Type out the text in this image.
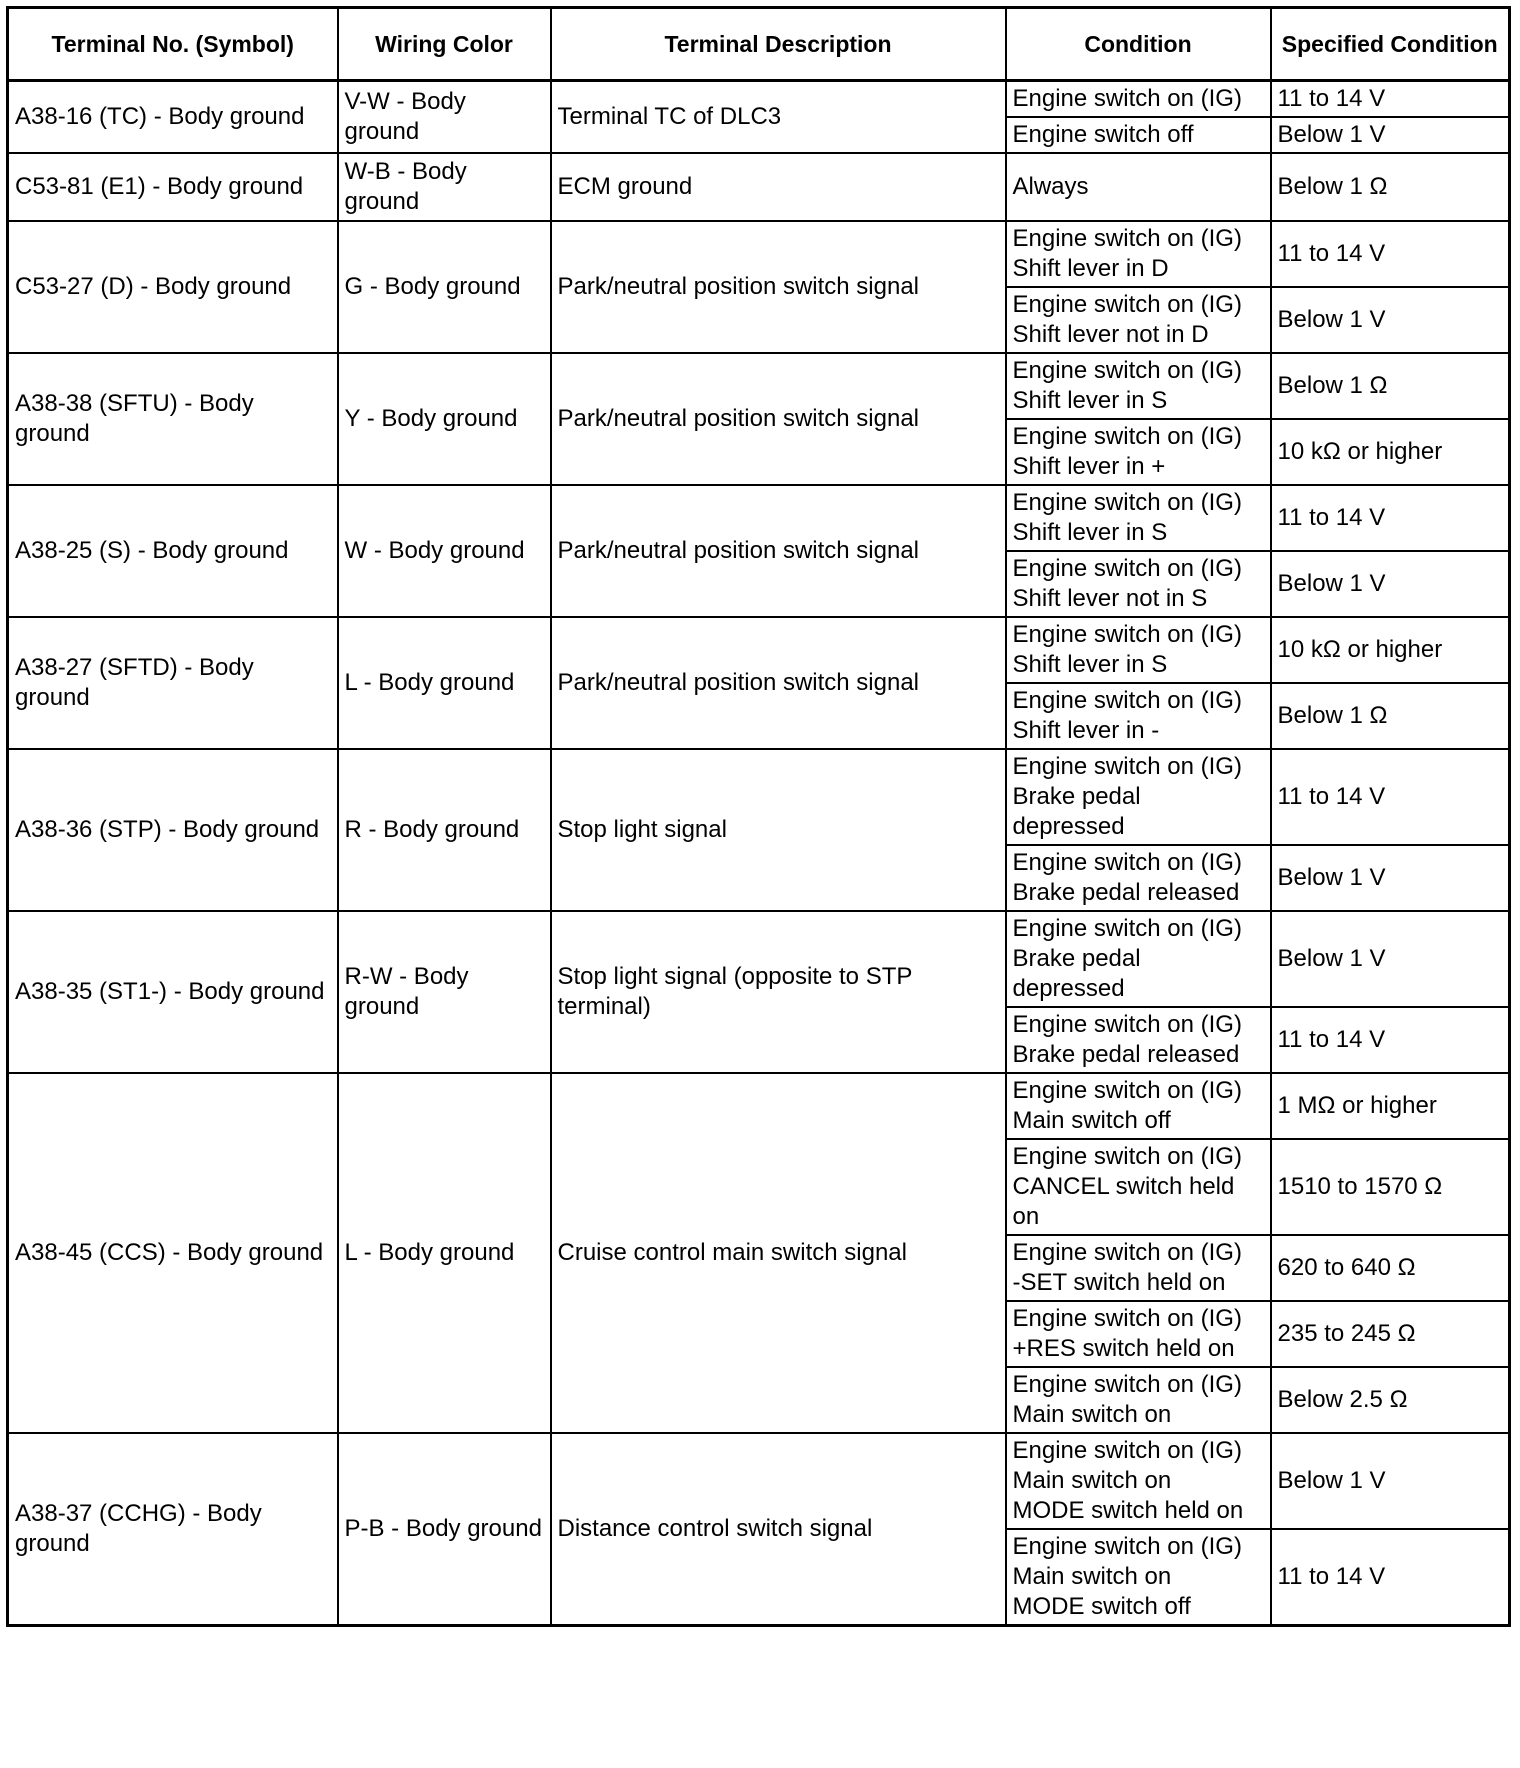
Terminal No. (Symbol)	Wiring Color	Terminal Description	Condition	Specified Condition
A38-16 (TC) - Body ground	V-W - Body ground	Terminal TC of DLC3	Engine switch on (IG)	11 to 14 V
			Engine switch off	Below 1 V
C53-81 (E1) - Body ground	W-B - Body ground	ECM ground	Always	Below 1 Ω
C53-27 (D) - Body ground	G - Body ground	Park/neutral position switch signal	Engine switch on (IG)
Shift lever in D	11 to 14 V
			Engine switch on (IG)
Shift lever not in D	Below 1 V
A38-38 (SFTU) - Body ground	Y - Body ground	Park/neutral position switch signal	Engine switch on (IG)
Shift lever in S	Below 1 Ω
			Engine switch on (IG)
Shift lever in +	10 kΩ or higher
A38-25 (S) - Body ground	W - Body ground	Park/neutral position switch signal	Engine switch on (IG)
Shift lever in S	11 to 14 V
			Engine switch on (IG)
Shift lever not in S	Below 1 V
A38-27 (SFTD) - Body ground	L - Body ground	Park/neutral position switch signal	Engine switch on (IG)
Shift lever in S	10 kΩ or higher
			Engine switch on (IG)
Shift lever in -	Below 1 Ω
A38-36 (STP) - Body ground	R - Body ground	Stop light signal	Engine switch on (IG)
Brake pedal
depressed	11 to 14 V
			Engine switch on (IG)
Brake pedal released	Below 1 V
A38-35 (ST1-) - Body ground	R-W - Body ground	Stop light signal (opposite to STP terminal)	Engine switch on (IG)
Brake pedal
depressed	Below 1 V
			Engine switch on (IG)
Brake pedal released	11 to 14 V
A38-45 (CCS) - Body ground	L - Body ground	Cruise control main switch signal	Engine switch on (IG)
Main switch off	1 MΩ or higher
			Engine switch on (IG)
CANCEL switch held
on	1510 to 1570 Ω
			Engine switch on (IG)
-SET switch held on	620 to 640 Ω
			Engine switch on (IG)
+RES switch held on	235 to 245 Ω
			Engine switch on (IG)
Main switch on	Below 2.5 Ω
A38-37 (CCHG) - Body ground	P-B - Body ground	Distance control switch signal	Engine switch on (IG)
Main switch on
MODE switch held on	Below 1 V
			Engine switch on (IG)
Main switch on
MODE switch off	11 to 14 V
